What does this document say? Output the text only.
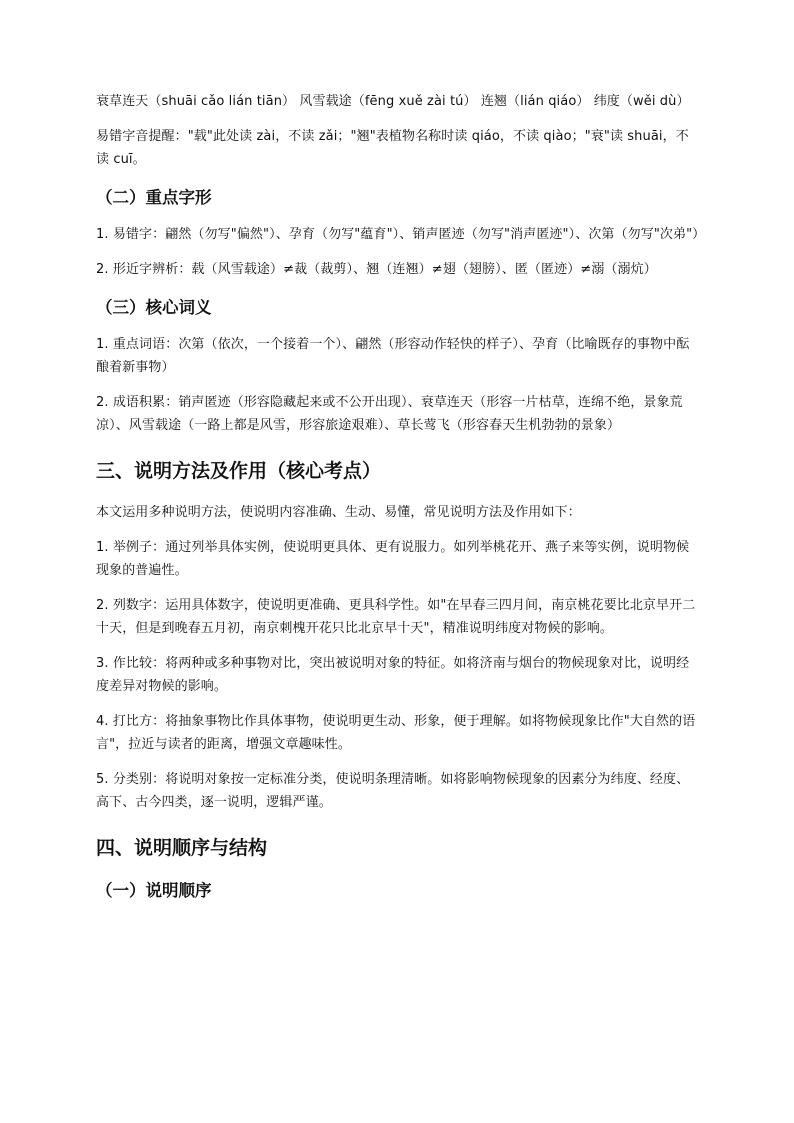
衰草连天（shuāi cǎo lián tiān） 风雪载途（fēng xuě zài tú） 连翘（lián qiáo） 纬度（wěi dù）

易错字音提醒："载"此处读 zài，不读 zǎi；"翘"表植物名称时读 qiáo，不读 qiào；"衰"读 shuāi，不读 cuī。

（二）重点字形

1. 易错字：翩然（勿写"偏然"）、孕育（勿写"蕴育"）、销声匿迹（勿写"消声匿迹"）、次第（勿写"次弟"）

2. 形近字辨析：载（风雪载途）≠裁（裁剪）、翘（连翘）≠翅（翅膀）、匿（匿迹）≠溺（溺炕）

（三）核心词义

1. 重点词语：次第（依次，一个接着一个）、翩然（形容动作轻快的样子）、孕育（比喻既存的事物中酝酿着新事物）

2. 成语积累：销声匿迹（形容隐藏起来或不公开出现）、衰草连天（形容一片枯草，连绵不绝，景象荒凉）、风雪载途（一路上都是风雪，形容旅途艰难）、草长莺飞（形容春天生机勃勃的景象）

三、说明方法及作用（核心考点）

本文运用多种说明方法，使说明内容准确、生动、易懂，常见说明方法及作用如下：

1. 举例子：通过列举具体实例，使说明更具体、更有说服力。如列举桃花开、燕子来等实例，说明物候现象的普遍性。

2. 列数字：运用具体数字，使说明更准确、更具科学性。如"在早春三四月间，南京桃花要比北京早开二十天，但是到晚春五月初，南京刺槐开花只比北京早十天"，精准说明纬度对物候的影响。

3. 作比较：将两种或多种事物对比，突出被说明对象的特征。如将济南与烟台的物候现象对比，说明经度差异对物候的影响。

4. 打比方：将抽象事物比作具体事物，使说明更生动、形象，便于理解。如将物候现象比作"大自然的语言"，拉近与读者的距离，增强文章趣味性。

5. 分类别：将说明对象按一定标准分类，使说明条理清晰。如将影响物候现象的因素分为纬度、经度、高下、古今四类，逐一说明，逻辑严谨。

四、说明顺序与结构
（一）说明顺序
